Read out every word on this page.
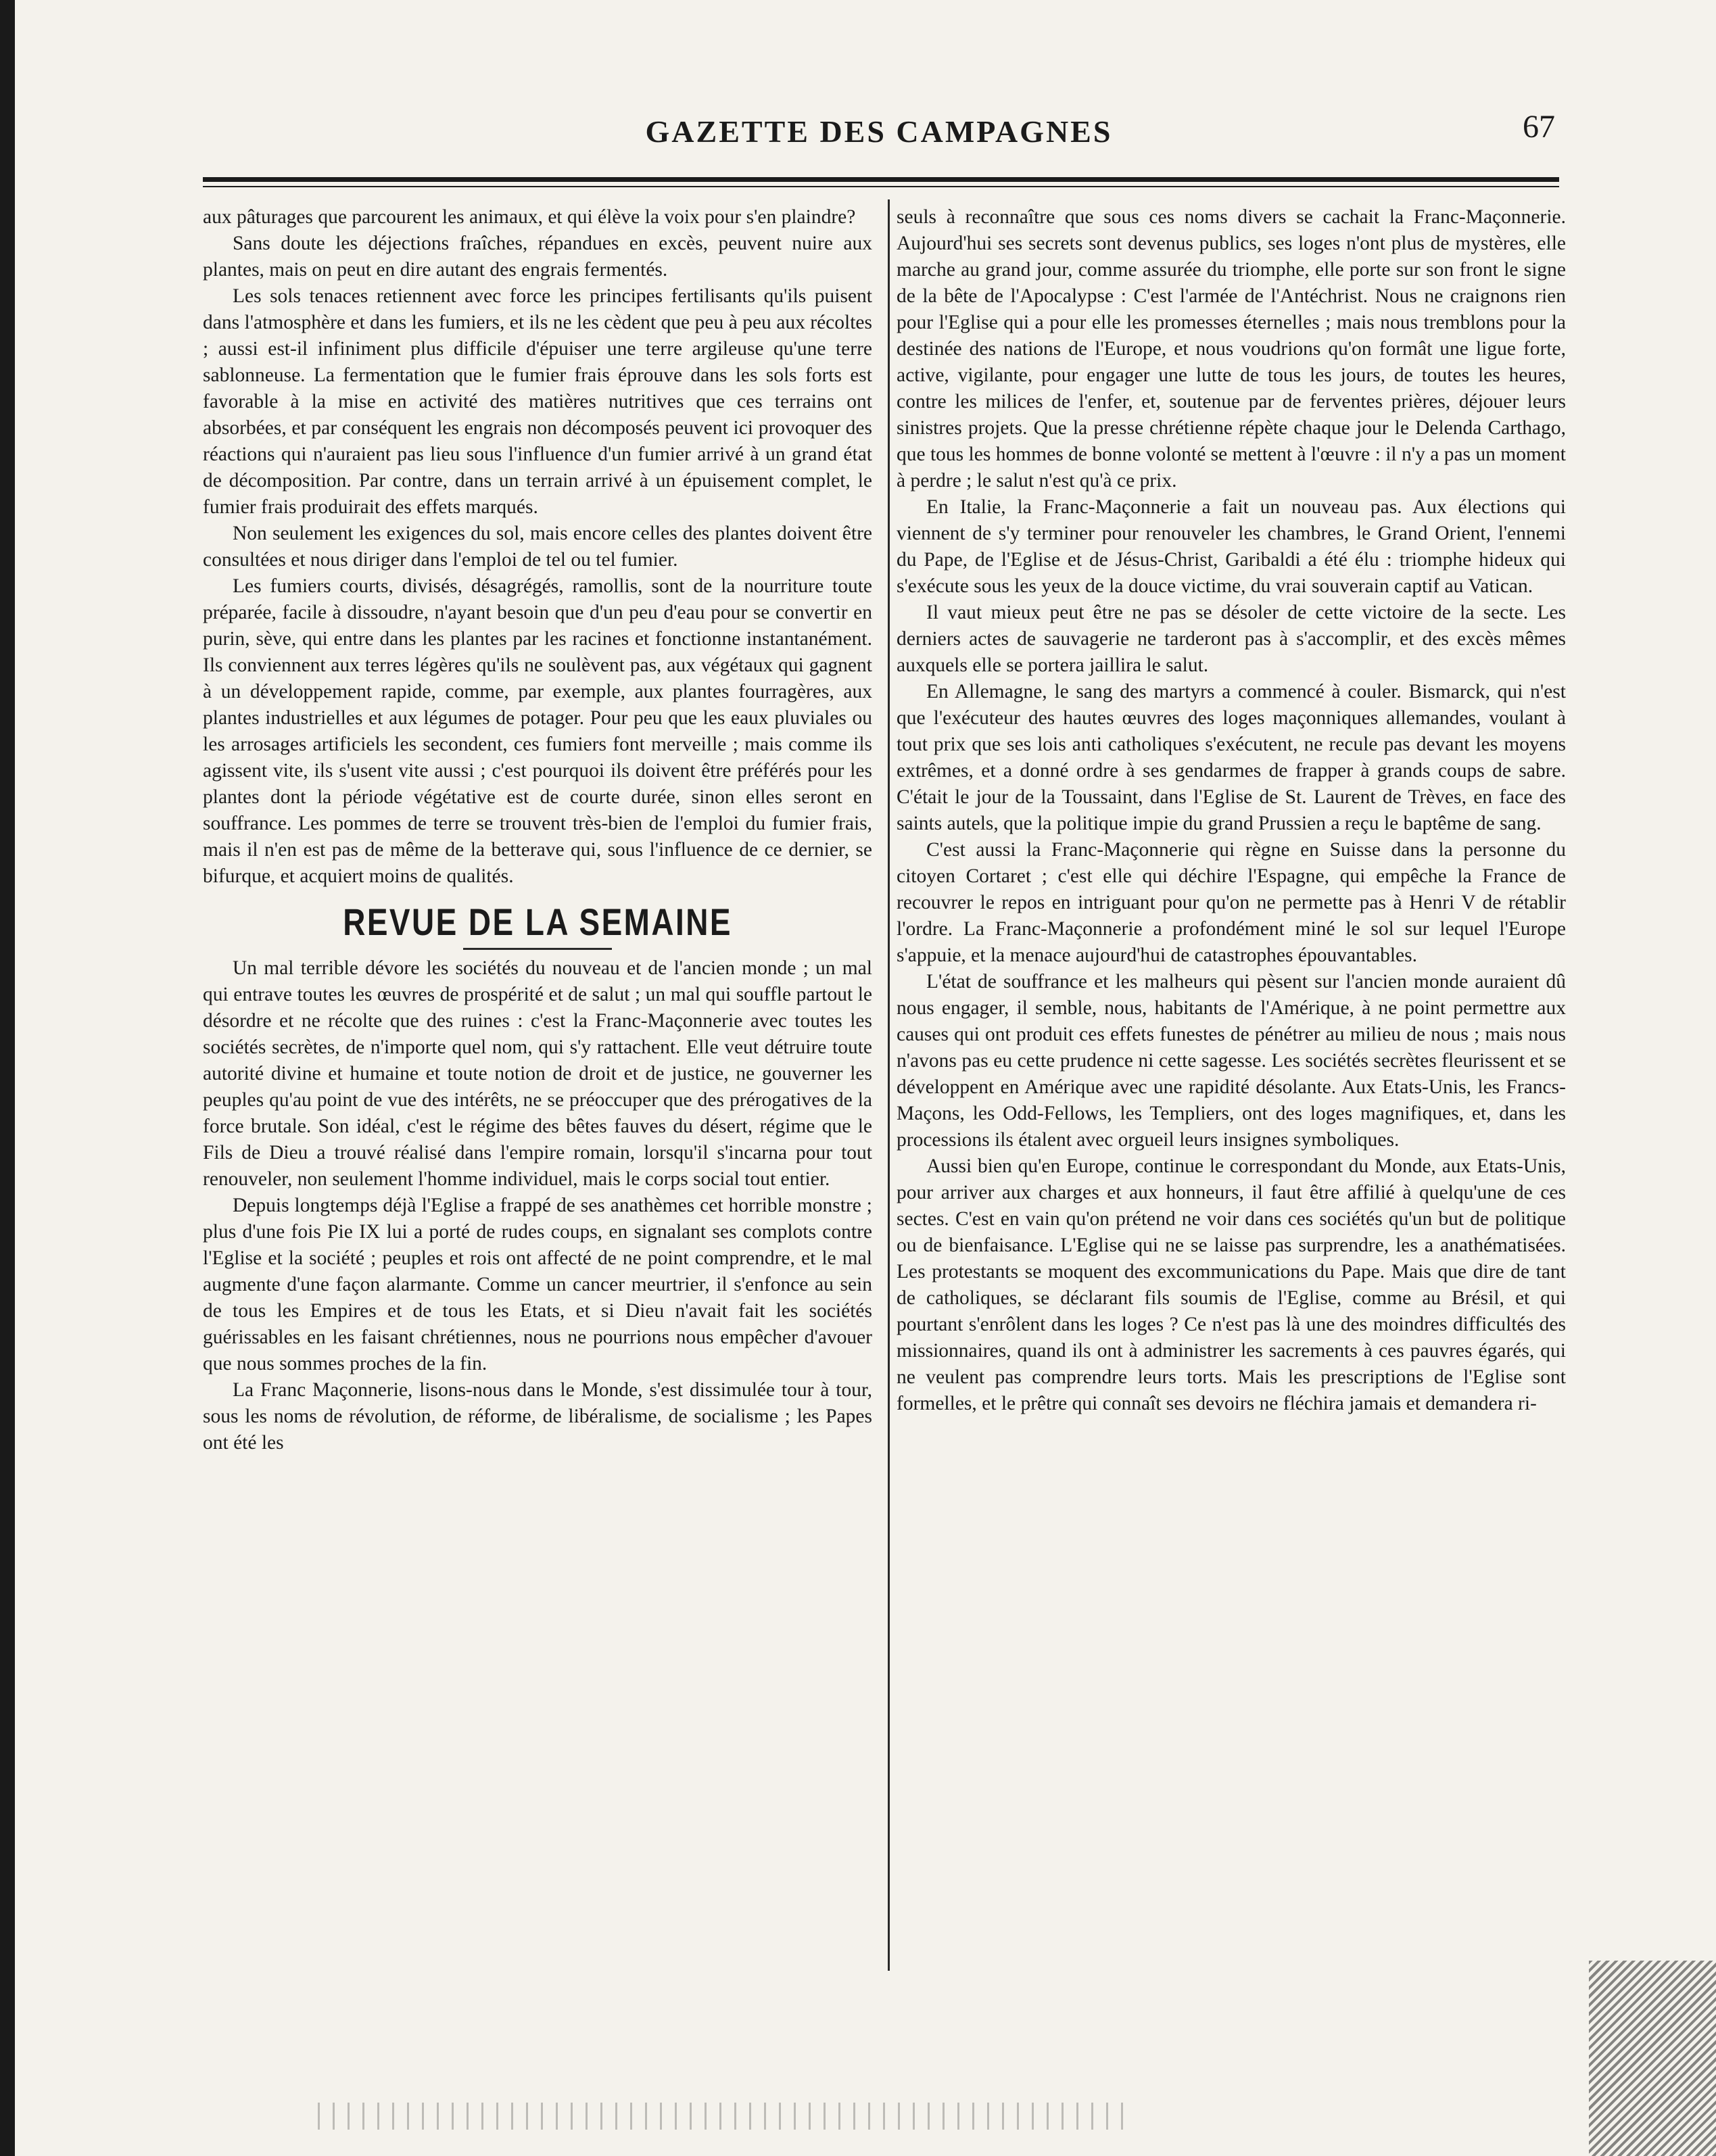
GAZETTE DES CAMPAGNES	67

aux pâturages que parcourent les animaux, et qui élève la voix pour s'en plaindre?

Sans doute les déjections fraîches, répandues en excès, peuvent nuire aux plantes, mais on peut en dire autant des engrais fermentés.

Les sols tenaces retiennent avec force les principes fertilisants qu'ils puisent dans l'atmosphère et dans les fumiers, et ils ne les cèdent que peu à peu aux récoltes ; aussi est-il infiniment plus difficile d'épuiser une terre argileuse qu'une terre sablonneuse. La fermentation que le fumier frais éprouve dans les sols forts est favorable à la mise en activité des matières nutritives que ces terrains ont absorbées, et par conséquent les engrais non décomposés peuvent ici provoquer des réactions qui n'auraient pas lieu sous l'influence d'un fumier arrivé à un grand état de décomposition. Par contre, dans un terrain arrivé à un épuisement complet, le fumier frais produirait des effets marqués.

Non seulement les exigences du sol, mais encore celles des plantes doivent être consultées et nous diriger dans l'emploi de tel ou tel fumier.

Les fumiers courts, divisés, désagrégés, ramollis, sont de la nourriture toute préparée, facile à dissoudre, n'ayant besoin que d'un peu d'eau pour se convertir en purin, sève, qui entre dans les plantes par les racines et fonctionne instantanément. Ils conviennent aux terres légères qu'ils ne soulèvent pas, aux végétaux qui gagnent à un développement rapide, comme, par exemple, aux plantes fourragères, aux plantes industrielles et aux légumes de potager. Pour peu que les eaux pluviales ou les arrosages artificiels les secondent, ces fumiers font merveille ; mais comme ils agissent vite, ils s'usent vite aussi ; c'est pourquoi ils doivent être préférés pour les plantes dont la période végétative est de courte durée, sinon elles seront en souffrance. Les pommes de terre se trouvent très-bien de l'emploi du fumier frais, mais il n'en est pas de même de la betterave qui, sous l'influence de ce dernier, se bifurque, et acquiert moins de qualités.

REVUE DE LA SEMAINE

Un mal terrible dévore les sociétés du nouveau et de l'ancien monde ; un mal qui entrave toutes les œuvres de prospérité et de salut ; un mal qui souffle partout le désordre et ne récolte que des ruines : c'est la Franc-Maçonnerie avec toutes les sociétés secrètes, de n'importe quel nom, qui s'y rattachent. Elle veut détruire toute autorité divine et humaine et toute notion de droit et de justice, ne gouverner les peuples qu'au point de vue des intérêts, ne se préoccuper que des prérogatives de la force brutale. Son idéal, c'est le régime des bêtes fauves du désert, régime que le Fils de Dieu a trouvé réalisé dans l'empire romain, lorsqu'il s'incarna pour tout renouveler, non seulement l'homme individuel, mais le corps social tout entier.

Depuis longtemps déjà l'Eglise a frappé de ses anathèmes cet horrible monstre ; plus d'une fois Pie IX lui a porté de rudes coups, en signalant ses complots contre l'Eglise et la société ; peuples et rois ont affecté de ne point comprendre, et le mal augmente d'une façon alarmante. Comme un cancer meurtrier, il s'enfonce au sein de tous les Empires et de tous les Etats, et si Dieu n'avait fait les sociétés guérissables en les faisant chrétiennes, nous ne pourrions nous empêcher d'avouer que nous sommes proches de la fin.

La Franc Maçonnerie, lisons-nous dans le Monde, s'est dissimulée tour à tour, sous les noms de révolution, de réforme, de libéralisme, de socialisme ; les Papes ont été les

seuls à reconnaître que sous ces noms divers se cachait la Franc-Maçonnerie. Aujourd'hui ses secrets sont devenus publics, ses loges n'ont plus de mystères, elle marche au grand jour, comme assurée du triomphe, elle porte sur son front le signe de la bête de l'Apocalypse : C'est l'armée de l'Antéchrist. Nous ne craignons rien pour l'Eglise qui a pour elle les promesses éternelles ; mais nous tremblons pour la destinée des nations de l'Europe, et nous voudrions qu'on formât une ligue forte, active, vigilante, pour engager une lutte de tous les jours, de toutes les heures, contre les milices de l'enfer, et, soutenue par de ferventes prières, déjouer leurs sinistres projets. Que la presse chrétienne répète chaque jour le Delenda Carthago, que tous les hommes de bonne volonté se mettent à l'œuvre : il n'y a pas un moment à perdre ; le salut n'est qu'à ce prix.

En Italie, la Franc-Maçonnerie a fait un nouveau pas. Aux élections qui viennent de s'y terminer pour renouveler les chambres, le Grand Orient, l'ennemi du Pape, de l'Eglise et de Jésus-Christ, Garibaldi a été élu : triomphe hideux qui s'exécute sous les yeux de la douce victime, du vrai souverain captif au Vatican.

Il vaut mieux peut être ne pas se désoler de cette victoire de la secte. Les derniers actes de sauvagerie ne tarderont pas à s'accomplir, et des excès mêmes auxquels elle se portera jaillira le salut.

En Allemagne, le sang des martyrs a commencé à couler. Bismarck, qui n'est que l'exécuteur des hautes œuvres des loges maçonniques allemandes, voulant à tout prix que ses lois anti catholiques s'exécutent, ne recule pas devant les moyens extrêmes, et a donné ordre à ses gendarmes de frapper à grands coups de sabre. C'était le jour de la Toussaint, dans l'Eglise de St. Laurent de Trèves, en face des saints autels, que la politique impie du grand Prussien a reçu le baptême de sang.

C'est aussi la Franc-Maçonnerie qui règne en Suisse dans la personne du citoyen Cortaret ; c'est elle qui déchire l'Espagne, qui empêche la France de recouvrer le repos en intriguant pour qu'on ne permette pas à Henri V de rétablir l'ordre. La Franc-Maçonnerie a profondément miné le sol sur lequel l'Europe s'appuie, et la menace aujourd'hui de catastrophes épouvantables.

L'état de souffrance et les malheurs qui pèsent sur l'ancien monde auraient dû nous engager, il semble, nous, habitants de l'Amérique, à ne point permettre aux causes qui ont produit ces effets funestes de pénétrer au milieu de nous ; mais nous n'avons pas eu cette prudence ni cette sagesse. Les sociétés secrètes fleurissent et se développent en Amérique avec une rapidité désolante. Aux Etats-Unis, les Francs-Maçons, les Odd-Fellows, les Templiers, ont des loges magnifiques, et, dans les processions ils étalent avec orgueil leurs insignes symboliques.

Aussi bien qu'en Europe, continue le correspondant du Monde, aux Etats-Unis, pour arriver aux charges et aux honneurs, il faut être affilié à quelqu'une de ces sectes. C'est en vain qu'on prétend ne voir dans ces sociétés qu'un but de politique ou de bienfaisance. L'Eglise qui ne se laisse pas surprendre, les a anathématisées. Les protestants se moquent des excommunications du Pape. Mais que dire de tant de catholiques, se déclarant fils soumis de l'Eglise, comme au Brésil, et qui pourtant s'enrôlent dans les loges ? Ce n'est pas là une des moindres difficultés des missionnaires, quand ils ont à administrer les sacrements à ces pauvres égarés, qui ne veulent pas comprendre leurs torts. Mais les prescriptions de l'Eglise sont formelles, et le prêtre qui connaît ses devoirs ne fléchira jamais et demandera ri-
